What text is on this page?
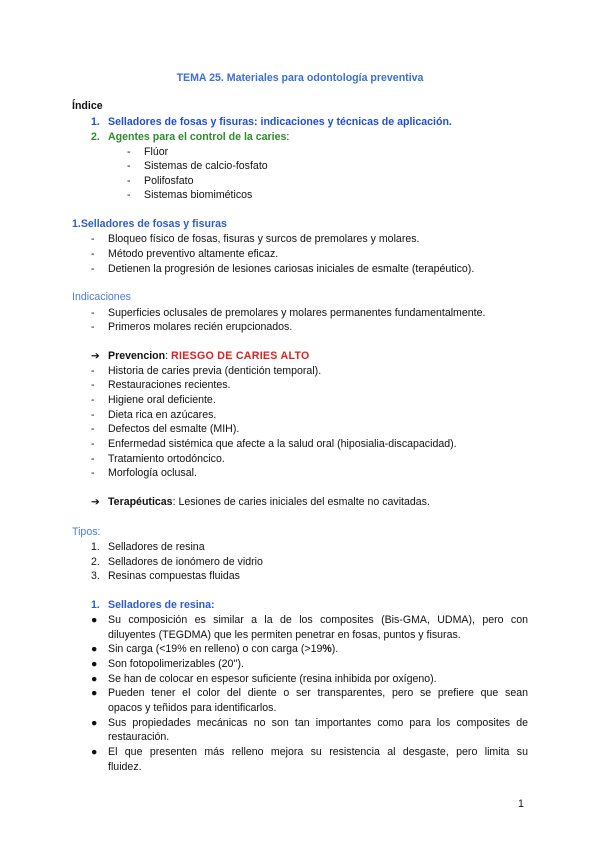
TEMA 25. Materiales para odontología preventiva
Índice
1. Selladores de fosas y fisuras: indicaciones y técnicas de aplicación.
2. Agentes para el control de la caries:
- Flúor
- Sistemas de calcio-fosfato
- Polifosfato
- Sistemas biomiméticos
1.Selladores de fosas y fisuras
- Bloqueo físico de fosas, fisuras y surcos de premolares y molares.
- Método preventivo altamente eficaz.
- Detienen la progresión de lesiones cariosas iniciales de esmalte (terapéutico).
Indicaciones
- Superficies oclusales de premolares y molares permanentes fundamentalmente.
- Primeros molares recién erupcionados.
➔ Prevencion: RIESGO DE CARIES ALTO
- Historia de caries previa (dentición temporal).
- Restauraciones recientes.
- Higiene oral deficiente.
- Dieta rica en azúcares.
- Defectos del esmalte (MIH).
- Enfermedad sistémica que afecte a la salud oral (hiposialia-discapacidad).
- Tratamiento ortodóncico.
- Morfología oclusal.
➔ Terapéuticas: Lesiones de caries iniciales del esmalte no cavitadas.
Tipos:
1. Selladores de resina
2. Selladores de ionómero de vidrio
3. Resinas compuestas fluidas
1. Selladores de resina:
● Su composición es similar a la de los composites (Bis-GMA, UDMA), pero con
diluyentes (TEGDMA) que les permiten penetrar en fosas, puntos y fisuras.
● Sin carga (<19% en relleno) o con carga (>19%).
● Son fotopolimerizables (20'').
● Se han de colocar en espesor suficiente (resina inhibida por oxígeno).
● Pueden tener el color del diente o ser transparentes, pero se prefiere que sean
opacos y teñidos para identificarlos.
● Sus propiedades mecánicas no son tan importantes como para los composites de
restauración.
● El que presenten más relleno mejora su resistencia al desgaste, pero limita su
fluidez.
1
